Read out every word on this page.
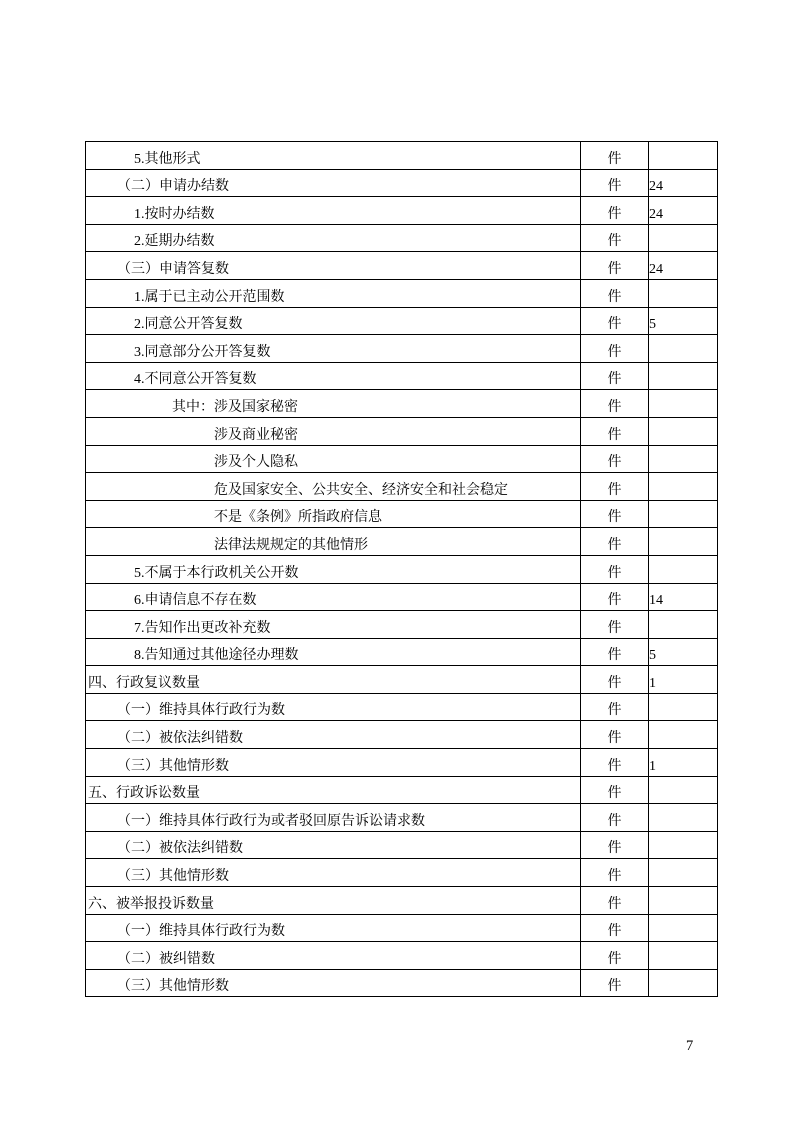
5.其他形式	件	
（二）申请办结数	件	24
1.按时办结数	件	24
2.延期办结数	件	
（三）申请答复数	件	24
1.属于已主动公开范围数	件	
2.同意公开答复数	件	5
3.同意部分公开答复数	件	
4.不同意公开答复数	件	
其中：涉及国家秘密	件	
涉及商业秘密	件	
涉及个人隐私	件	
危及国家安全、公共安全、经济安全和社会稳定	件	
不是《条例》所指政府信息	件	
法律法规规定的其他情形	件	
5.不属于本行政机关公开数	件	
6.申请信息不存在数	件	14
7.告知作出更改补充数	件	
8.告知通过其他途径办理数	件	5
四、行政复议数量	件	1
（一）维持具体行政行为数	件	
（二）被依法纠错数	件	
（三）其他情形数	件	1
五、行政诉讼数量	件	
（一）维持具体行政行为或者驳回原告诉讼请求数	件	
（二）被依法纠错数	件	
（三）其他情形数	件	
六、被举报投诉数量	件	
（一）维持具体行政行为数	件	
（二）被纠错数	件	
（三）其他情形数	件	
7
